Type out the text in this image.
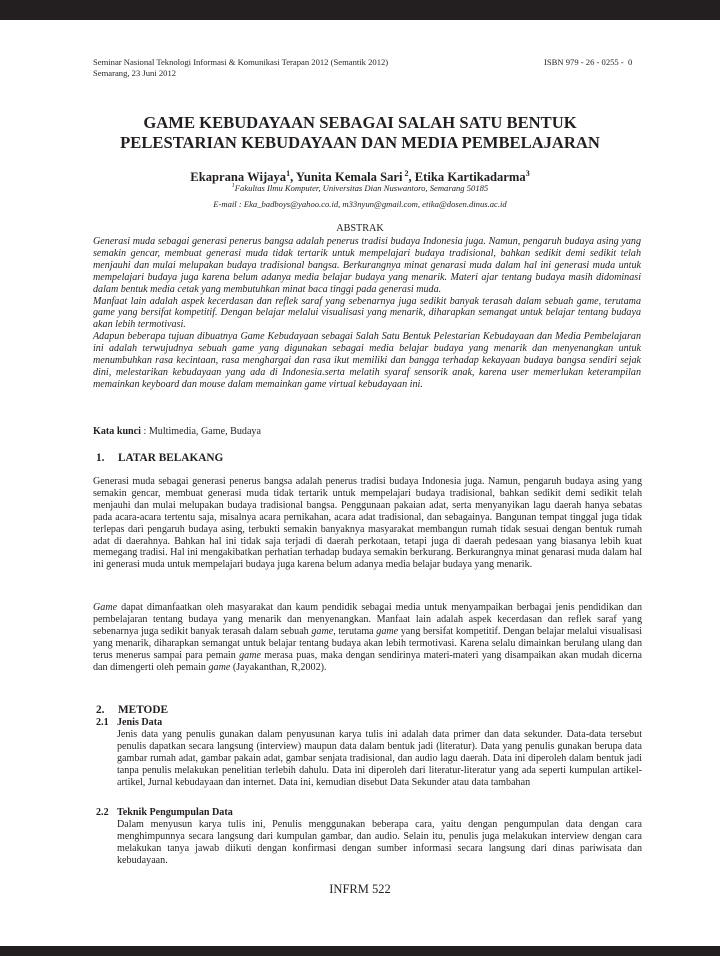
Seminar Nasional Teknologi Informasi & Komunikasi Terapan 2012 (Semantik 2012)
Semarang, 23 Juni 2012
ISBN 979 - 26 - 0255 -  0
GAME KEBUDAYAAN SEBAGAI SALAH SATU BENTUK
PELESTARIAN KEBUDAYAAN DAN MEDIA PEMBELAJARAN
Ekaprana Wijaya$^1$, Yunita Kemala Sari $^2$, Etika Kartikadarma$^3$
$^1$Fakultas Ilmu Komputer, Universitas Dian Nuswantoro, Semarang 50185
E-mail : Eka_badboys@yahoo.co.id, m33nyun@gmail.com, etika@dosen.dinus.ac.id
ABSTRAK

Generasi muda sebagai generasi penerus bangsa adalah penerus tradisi budaya Indonesia juga. Namun, pengaruh budaya asing yang semakin gencar, membuat generasi muda tidak tertarik untuk mempelajari budaya tradisional, bahkan sedikit demi sedikit telah menjauhi dan mulai melupakan budaya tradisional bangsa. Berkurangnya minat genarasi muda dalam hal ini generasi muda untuk mempelajari budaya juga karena belum adanya media belajar budaya yang menarik. Materi ajar tentang budaya masih didominasi dalam bentuk media cetak yang membutuhkan minat baca tinggi pada generasi muda.

Manfaat lain adalah aspek kecerdasan dan reflek saraf yang sebenarnya juga sedikit banyak terasah dalam sebuah game, terutama game yang bersifat kompetitif. Dengan belajar melalui visualisasi yang menarik, diharapkan semangat untuk belajar tentang budaya akan lebih termotivasi.

Adapun beberapa tujuan dibuatnya Game Kebudayaan sebagai Salah Satu Bentuk Pelestarian Kebudayaan dan Media Pembelajaran ini adalah terwujudnya sebuah game yang digunakan sebagai media belajar budaya yang menarik dan menyenangkan untuk menumbuhkan rasa kecintaan, rasa menghargai dan rasa ikut memiliki dan bangga terhadap kekayaan budaya bangsa sendiri sejak dini, melestarikan kebudayaan yang ada di Indonesia.serta melatih syaraf sensorik anak, karena user memerlukan keterampilan memainkan keyboard dan mouse dalam memainkan game virtual kebudayaan ini.

Kata kunci : Multimedia, Game, Budaya
1. LATAR BELAKANG
Generasi muda sebagai generasi penerus bangsa adalah penerus tradisi budaya Indonesia juga. Namun, pengaruh budaya asing yang semakin gencar, membuat generasi muda tidak tertarik untuk mempelajari budaya tradisional, bahkan sedikit demi sedikit telah menjauhi dan mulai melupakan budaya tradisional bangsa. Penggunaan pakaian adat, serta menyanyikan lagu daerah hanya sebatas pada acara-acara tertentu saja, misalnya acara pernikahan, acara adat tradisional, dan sebagainya. Bangunan tempat tinggal juga tidak terlepas dari pengaruh budaya asing, terbukti semakin banyaknya masyarakat membangun rumah tidak sesuai dengan bentuk rumah adat di daerahnya. Bahkan hal ini tidak saja terjadi di daerah perkotaan, tetapi juga di daerah pedesaan yang biasanya lebih kuat memegang tradisi. Hal ini mengakibatkan perhatian terhadap budaya semakin berkurang. Berkurangnya minat genarasi muda dalam hal ini generasi muda untuk mempelajari budaya juga karena belum adanya media belajar budaya yang menarik.
Game dapat dimanfaatkan oleh masyarakat dan kaum pendidik sebagai media untuk menyampaikan berbagai jenis pendidikan dan pembelajaran tentang budaya yang menarik dan menyenangkan. Manfaat lain adalah aspek kecerdasan dan reflek saraf yang sebenarnya juga sedikit banyak terasah dalam sebuah game, terutama game yang bersifat kompetitif. Dengan belajar melalui visualisasi yang menarik, diharapkan semangat untuk belajar tentang budaya akan lebih termotivasi. Karena selalu dimainkan berulang ulang dan terus menerus sampai para pemain game merasa puas, maka dengan sendirinya materi-materi yang disampaikan akan mudah dicerna dan dimengerti oleh pemain game (Jayakanthan, R,2002).
2. METODE
2.1 Jenis Data
Jenis data yang penulis gunakan dalam penyusunan karya tulis ini adalah data primer dan data sekunder. Data-data tersebut penulis dapatkan secara langsung (interview) maupun data dalam bentuk jadi (literatur). Data yang penulis gunakan berupa data gambar rumah adat, gambar pakain adat, gambar senjata tradisional, dan audio lagu daerah. Data ini diperoleh dalam bentuk jadi tanpa penulis melakukan penelitian terlebih dahulu. Data ini diperoleh dari literatur-literatur yang ada seperti kumpulan artikel-artikel, Jurnal kebudayaan dan internet. Data ini, kemudian disebut Data Sekunder atau data tambahan
2.2 Teknik Pengumpulan Data
Dalam menyusun karya tulis ini, Penulis menggunakan beberapa cara, yaitu dengan pengumpulan data dengan cara menghimpunnya secara langsung dari kumpulan gambar, dan audio. Selain itu, penulis juga melakukan interview dengan cara melakukan tanya jawab diikuti dengan konfirmasi dengan sumber informasi secara langsung dari dinas pariwisata dan kebudayaan.
INFRM 522
